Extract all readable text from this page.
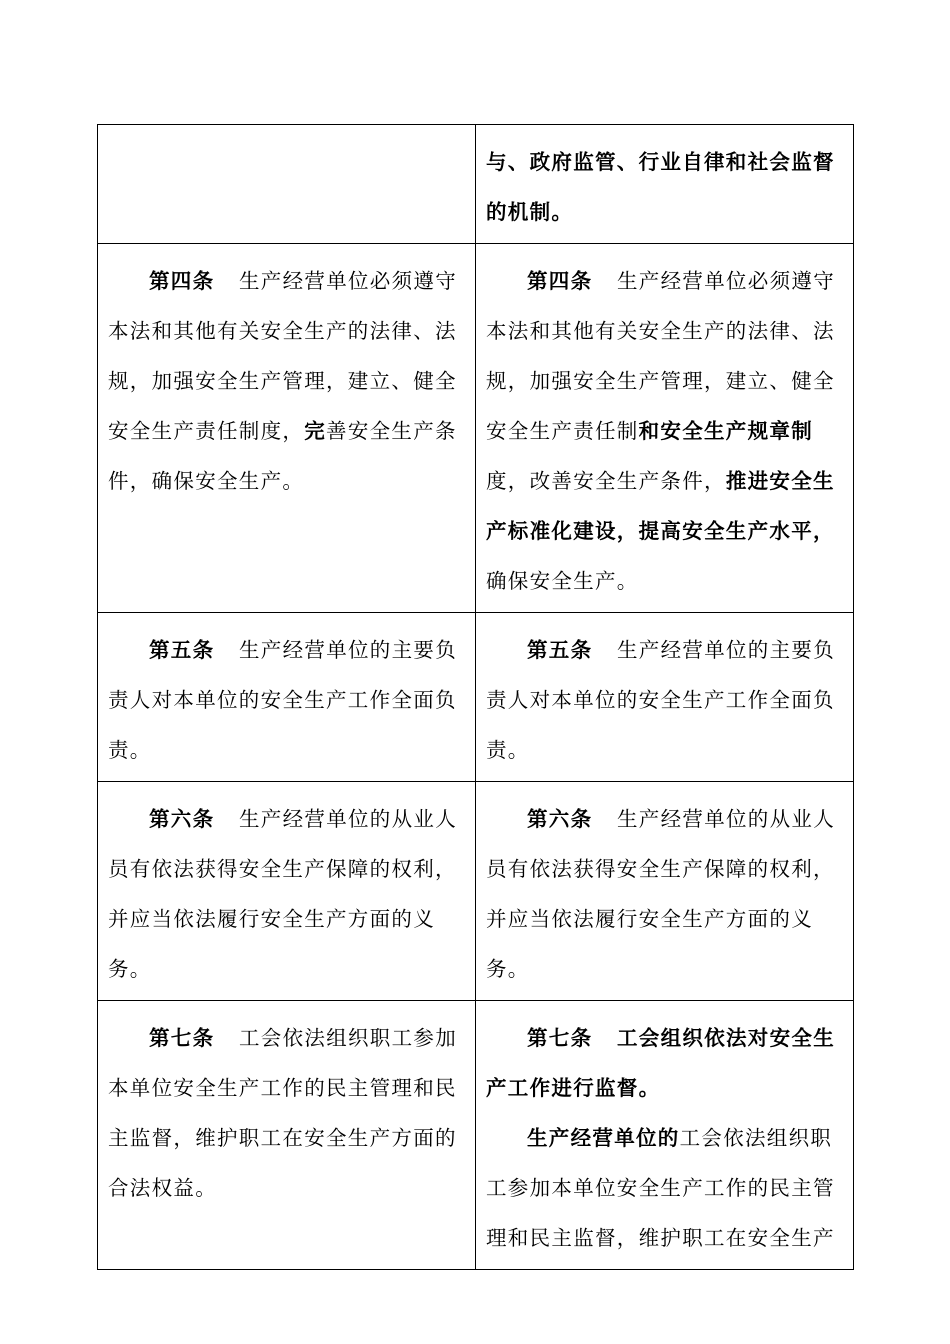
	与、政府监管、行业自律和社会监督的机制。

第四条 生产经营单位必须遵守本法和其他有关安全生产的法律、法规，加强安全生产管理，建立、健全安全生产责任制度，完善安全生产条件，确保安全生产。	第四条 生产经营单位必须遵守本法和其他有关安全生产的法律、法规，加强安全生产管理，建立、健全安全生产责任制和安全生产规章制度，改善安全生产条件，推进安全生产标准化建设，提高安全生产水平，确保安全生产。

第五条 生产经营单位的主要负责人对本单位的安全生产工作全面负责。	第五条 生产经营单位的主要负责人对本单位的安全生产工作全面负责。

第六条 生产经营单位的从业人员有依法获得安全生产保障的权利，并应当依法履行安全生产方面的义务。	第六条 生产经营单位的从业人员有依法获得安全生产保障的权利，并应当依法履行安全生产方面的义务。

第七条 工会依法组织职工参加本单位安全生产工作的民主管理和民主监督，维护职工在安全生产方面的合法权益。	第七条 工会组织依法对安全生产工作进行监督。

生产经营单位的工会依法组织职工参加本单位安全生产工作的民主管理和民主监督，维护职工在安全生产
